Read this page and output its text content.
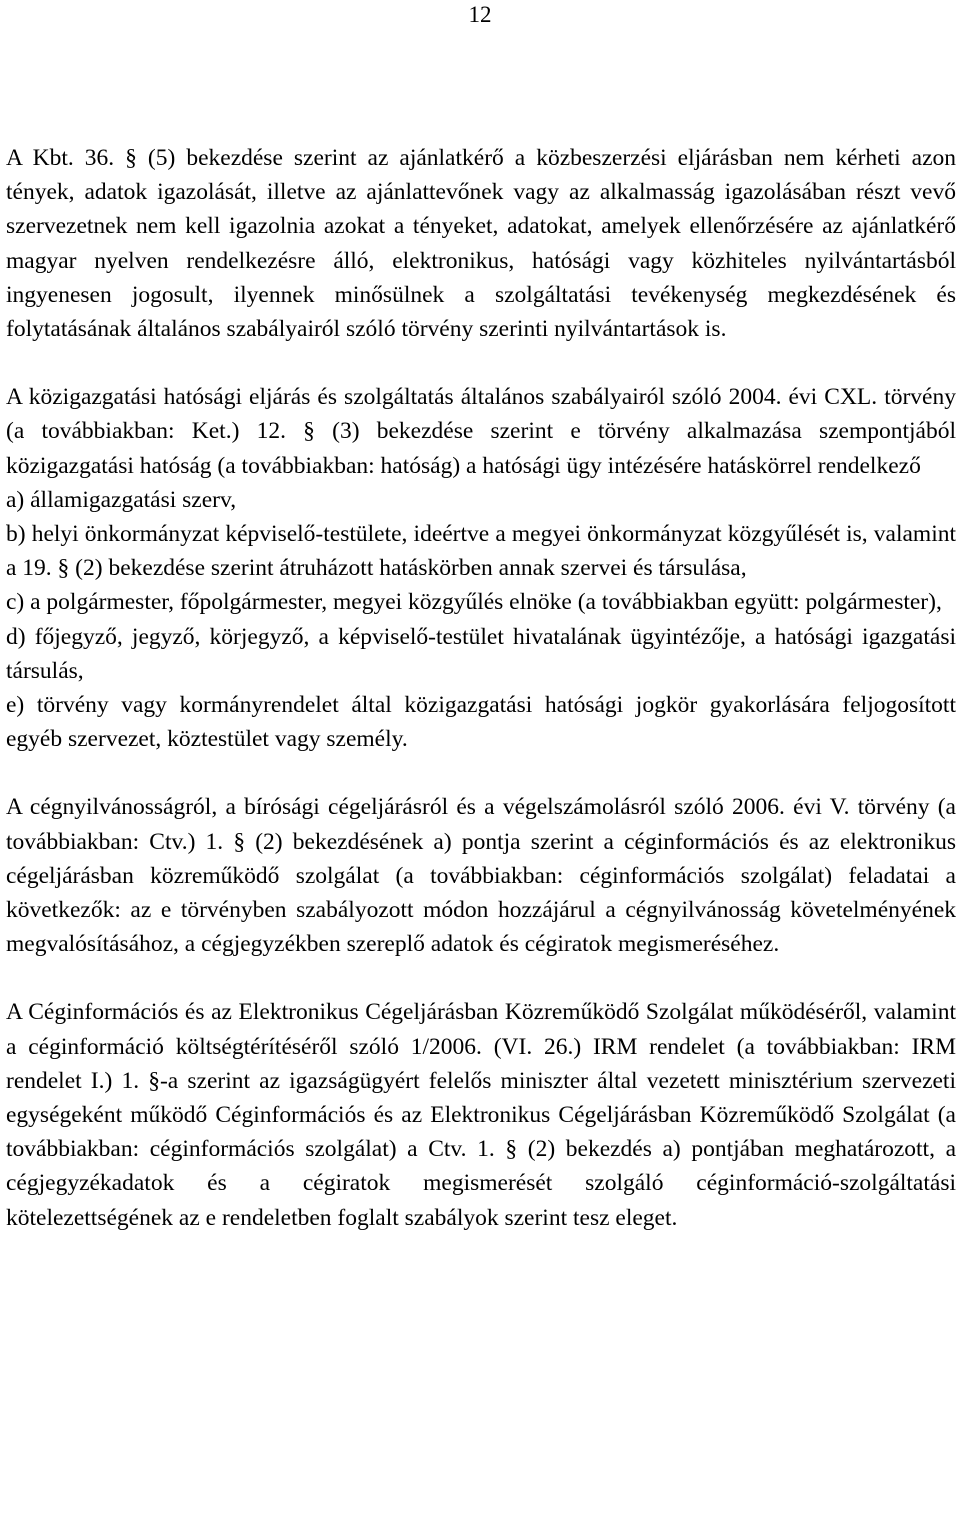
12

A Kbt. 36. § (5) bekezdése szerint az ajánlatkérő a közbeszerzési eljárásban nem kérheti azon tények, adatok igazolását, illetve az ajánlattevőnek vagy az alkalmasság igazolásában részt vevő szervezetnek nem kell igazolnia azokat a tényeket, adatokat, amelyek ellenőrzésére az ajánlatkérő magyar nyelven rendelkezésre álló, elektronikus, hatósági vagy közhiteles nyilvántartásból ingyenesen jogosult, ilyennek minősülnek a szolgáltatási tevékenység megkezdésének és folytatásának általános szabályairól szóló törvény szerinti nyilvántartások is.

A közigazgatási hatósági eljárás és szolgáltatás általános szabályairól szóló 2004. évi CXL. törvény (a továbbiakban: Ket.) 12. § (3) bekezdése szerint e törvény alkalmazása szempontjából közigazgatási hatóság (a továbbiakban: hatóság) a hatósági ügy intézésére hatáskörrel rendelkező

a) államigazgatási szerv,

b) helyi önkormányzat képviselő-testülete, ideértve a megyei önkormányzat közgyűlését is, valamint a 19. § (2) bekezdése szerint átruházott hatáskörben annak szervei és társulása,

c) a polgármester, főpolgármester, megyei közgyűlés elnöke (a továbbiakban együtt: polgármester),

d) főjegyző, jegyző, körjegyző, a képviselő-testület hivatalának ügyintézője, a hatósági igazgatási társulás,

e) törvény vagy kormányrendelet által közigazgatási hatósági jogkör gyakorlására feljogosított egyéb szervezet, köztestület vagy személy.

A cégnyilvánosságról, a bírósági cégeljárásról és a végelszámolásról szóló 2006. évi V. törvény (a továbbiakban: Ctv.) 1. § (2) bekezdésének a) pontja szerint a céginformációs és az elektronikus cégeljárásban közreműködő szolgálat (a továbbiakban: céginformációs szolgálat) feladatai a következők: az e törvényben szabályozott módon hozzájárul a cégnyilvánosság követelményének megvalósításához, a cégjegyzékben szereplő adatok és cégiratok megismeréséhez.

A Céginformációs és az Elektronikus Cégeljárásban Közreműködő Szolgálat működéséről, valamint a céginformáció költségtérítéséről szóló 1/2006. (VI. 26.) IRM rendelet (a továbbiakban: IRM rendelet I.) 1. §-a szerint az igazságügyért felelős miniszter által vezetett minisztérium szervezeti egységeként működő Céginformációs és az Elektronikus Cégeljárásban Közreműködő Szolgálat (a továbbiakban: céginformációs szolgálat) a Ctv. 1. § (2) bekezdés a) pontjában meghatározott, a cégjegyzékadatok és a cégiratok megismerését szolgáló céginformáció-szolgáltatási kötelezettségének az e rendeletben foglalt szabályok szerint tesz eleget.
